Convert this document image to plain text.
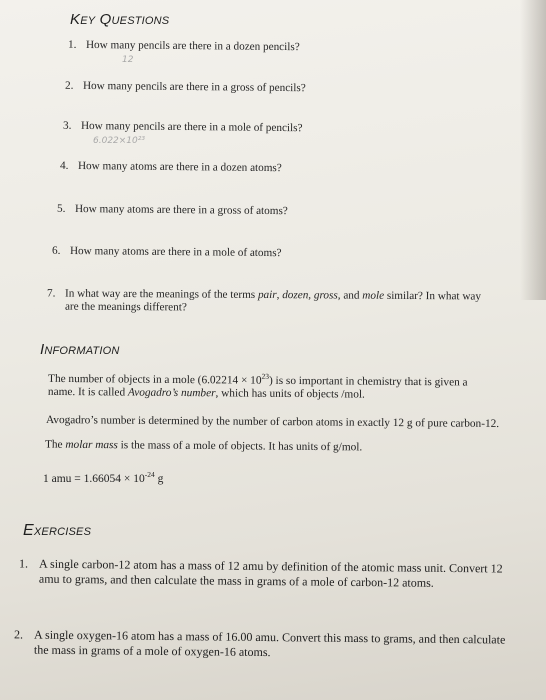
Key Questions
1. How many pencils are there in a dozen pencils?
12
2. How many pencils are there in a gross of pencils?
3. How many pencils are there in a mole of pencils?
6.022×10²³
4. How many atoms are there in a dozen atoms?
5. How many atoms are there in a gross of atoms?
6. How many atoms are there in a mole of atoms?
7. In what way are the meanings of the terms pair, dozen, gross, and mole similar? In what way
are the meanings different?
Information
The number of objects in a mole $(6.02214 \times 10^{23})$ is so important in chemistry that is given a
name. It is called Avogadro’s number, which has units of objects /mol.
Avogadro’s number is determined by the number of carbon atoms in exactly 12 g of pure carbon-12.
The molar mass is the mass of a mole of objects. It has units of g/mol.
1 amu = $1.66054 \times 10^{-24}$ g
Exercises
1. A single carbon-12 atom has a mass of 12 amu by definition of the atomic mass unit. Convert 12
amu to grams, and then calculate the mass in grams of a mole of carbon-12 atoms.
2. A single oxygen-16 atom has a mass of 16.00 amu. Convert this mass to grams, and then calculate
the mass in grams of a mole of oxygen-16 atoms.
